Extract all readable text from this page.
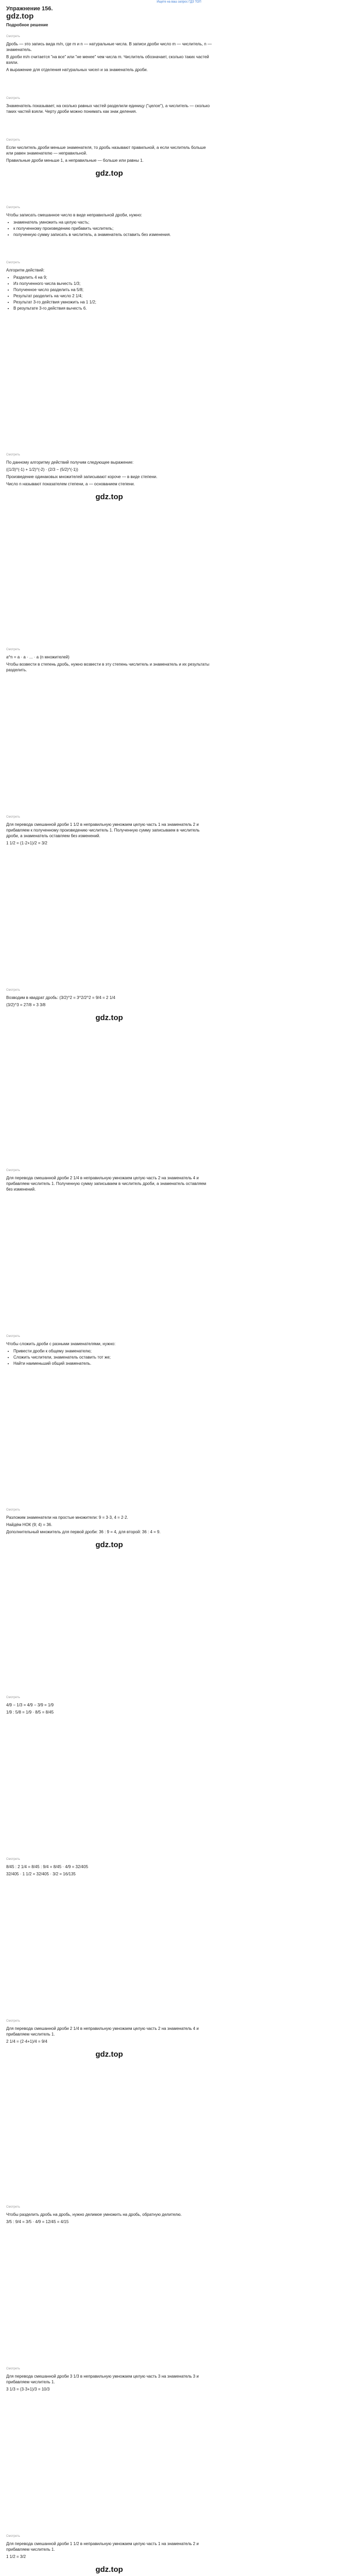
Ищете на ваш запрос ГДЗ ТОП
Упражнение 156.
gdz.top
Подробное решение
Смотреть

Дробь — это запись вида m/n, где m и n — натуральные числа. В записи дроби число m — числитель, n — знаменатель.

В дроби m/n считается "на все" или "не менее" чем числа m. Числитель обозначает, сколько таких частей взяли.

А выражение для отделения натуральных чисел и за знаменатель дроби.

Смотреть

Знаменатель показывает, на сколько равных частей разделили единицу ("целое"), а числитель — сколько таких частей взяли. Черту дроби можно понимать как знак деления.

Смотреть

Если числитель дроби меньше знаменателя, то дробь называют правильной, а если числитель больше или равен знаменателю — неправильной.

Правильные дроби меньше 1, а неправильные — больше или равны 1.

gdz.top
Смотреть

Чтобы записать смешанное число в виде неправильной дроби, нужно:

• знаменатель умножить на целую часть;
• к полученному произведению прибавить числитель;
• полученную сумму записать в числитель, а знаменатель оставить без изменения.
Смотреть

Алгоритм действий:

• Разделить 4 на 9;
• Из полученного числа вычесть 1/3;
• Полученное число разделить на 5/8;
• Результат разделить на число 2 1/4;
• Результат 3-го действия умножить на 1 1/2;
• В результате 3-го действия вычесть 6.
Смотреть

По данному алгоритму действий получим следующее выражение:

((1/3)^(-1) + 1/2)^(-2) · (2/3 − (5/2)^(-1))

Произведение одинаковых множителей записывают короче — в виде степени.

Число n называют показателем степени, a — основанием степени.

gdz.top
Смотреть

a^n = a · a · ... · a (n множителей)

Чтобы возвести в степень дробь, нужно возвести в эту степень числитель и знаменатель и их результаты разделить.

Смотреть

Для перевода смешанной дроби 1 1/2 в неправильную умножаем целую часть 1 на знаменатель 2 и прибавляем к полученному произведению числитель 1. Полученную сумму записываем в числитель дроби, а знаменатель оставляем без изменений.

1 1/2 = (1·2+1)/2 = 3/2

Смотреть

Возводим в квадрат дробь: (3/2)^2 = 3^2/2^2 = 9/4 = 2 1/4

(3/2)^3 = 27/8 = 3 3/8

gdz.top
Смотреть

Для перевода смешанной дроби 2 1/4 в неправильную умножаем целую часть 2 на знаменатель 4 и прибавляем числитель 1. Полученную сумму записываем в числитель дроби, а знаменатель оставляем без изменений.

Смотреть

Чтобы сложить дроби с разными знаменателями, нужно:

• Привести дроби к общему знаменателю;
• Сложить числители, знаменатель оставить тот же;
• Найти наименьший общий знаменатель.
Смотреть

Разложим знаменатели на простые множители: 9 = 3·3, 4 = 2·2.

Найдём НОК (9; 4) = 36.

Дополнительный множитель для первой дроби: 36 : 9 = 4, для второй: 36 : 4 = 9.

gdz.top
Смотреть

4/9 − 1/3 = 4/9 − 3/9 = 1/9

1/9 : 5/8 = 1/9 · 8/5 = 8/45

Смотреть

8/45 : 2 1/4 = 8/45 : 9/4 = 8/45 · 4/9 = 32/405

32/405 · 1 1/2 = 32/405 · 3/2 = 16/135

Смотреть

Для перевода смешанной дроби 2 1/4 в неправильную умножаем целую часть 2 на знаменатель 4 и прибавляем числитель 1.

2 1/4 = (2·4+1)/4 = 9/4

gdz.top
Смотреть

Чтобы разделить дробь на дробь, нужно делимое умножить на дробь, обратную делителю.

3/5 : 9/4 = 3/5 · 4/9 = 12/45 = 4/15

Смотреть

Для перевода смешанной дроби 3 1/3 в неправильную умножаем целую часть 3 на знаменатель 3 и прибавляем числитель 1.

3 1/3 = (3·3+1)/3 = 10/3

Смотреть

Для перевода смешанной дроби 1 1/2 в неправильную умножаем целую часть 1 на знаменатель 2 и прибавляем числитель 1.

1 1/2 = 3/2

gdz.top
